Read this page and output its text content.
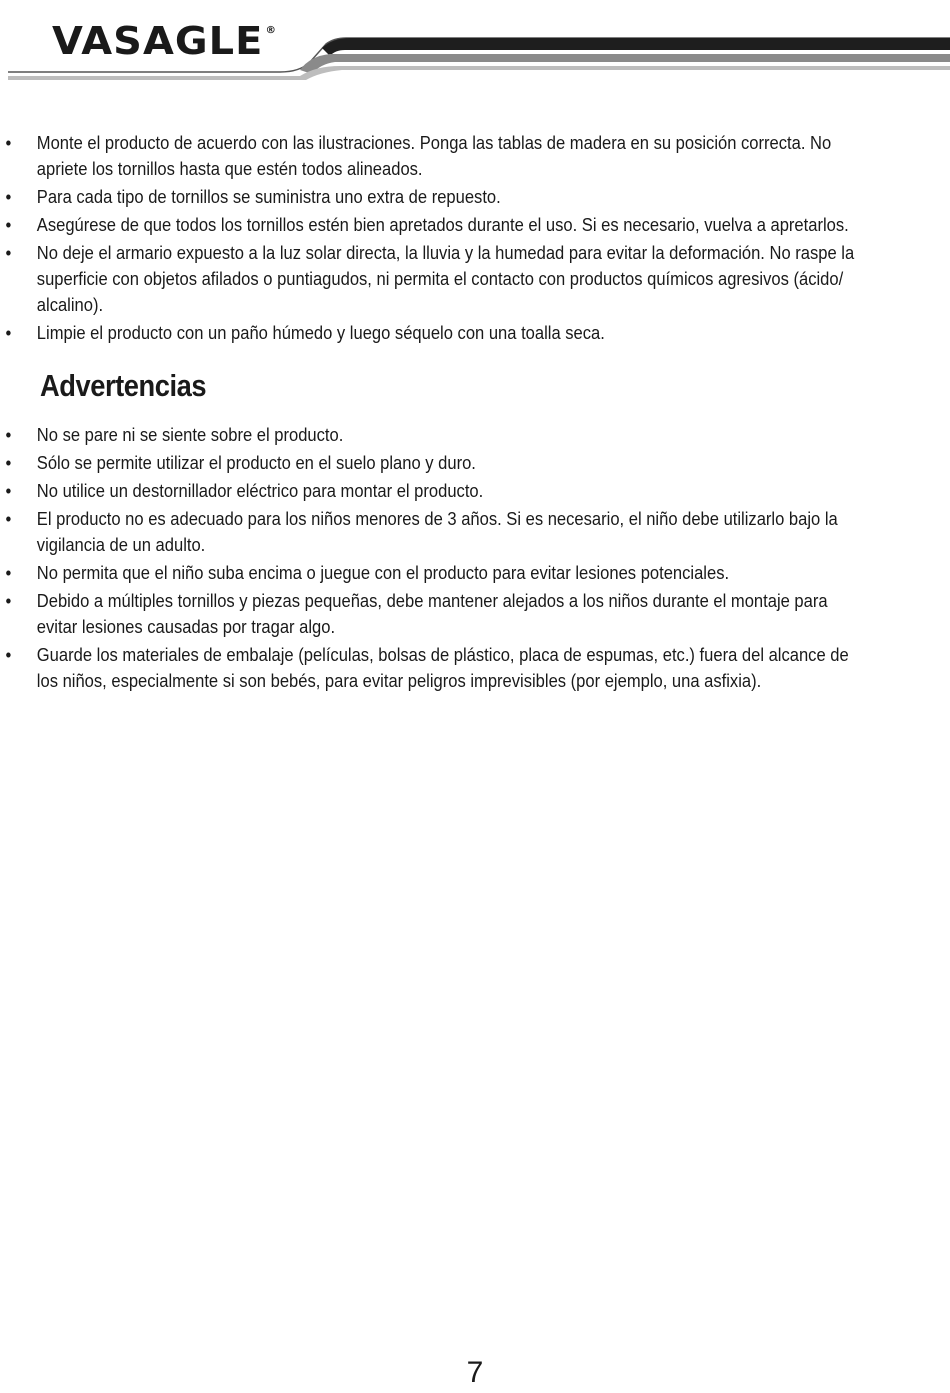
VASAGLE ®
• Monte el producto de acuerdo con las ilustraciones. Ponga las tablas de madera en su posición correcta. No apriete los tornillos hasta que estén todos alineados.
• Para cada tipo de tornillos se suministra uno extra de repuesto.
• Asegúrese de que todos los tornillos estén bien apretados durante el uso. Si es necesario, vuelva a apretarlos.
• No deje el armario expuesto a la luz solar directa, la lluvia y la humedad para evitar la deformación. No raspe la superficie con objetos afilados o puntiagudos, ni permita el contacto con productos químicos agresivos (ácido/ alcalino).
• Limpie el producto con un paño húmedo y luego séquelo con una toalla seca.
Advertencias
• No se pare ni se siente sobre el producto.
• Sólo se permite utilizar el producto en el suelo plano y duro.
• No utilice un destornillador eléctrico para montar el producto.
• El producto no es adecuado para los niños menores de 3 años. Si es necesario, el niño debe utilizarlo bajo la vigilancia de un adulto.
• No permita que el niño suba encima o juegue con el producto para evitar lesiones potenciales.
• Debido a múltiples tornillos y piezas pequeñas, debe mantener alejados a los niños durante el montaje para evitar lesiones causadas por tragar algo.
• Guarde los materiales de embalaje (películas, bolsas de plástico, placa de espumas, etc.) fuera del alcance de los niños, especialmente si son bebés, para evitar peligros imprevisibles (por ejemplo, una asfixia).
7
